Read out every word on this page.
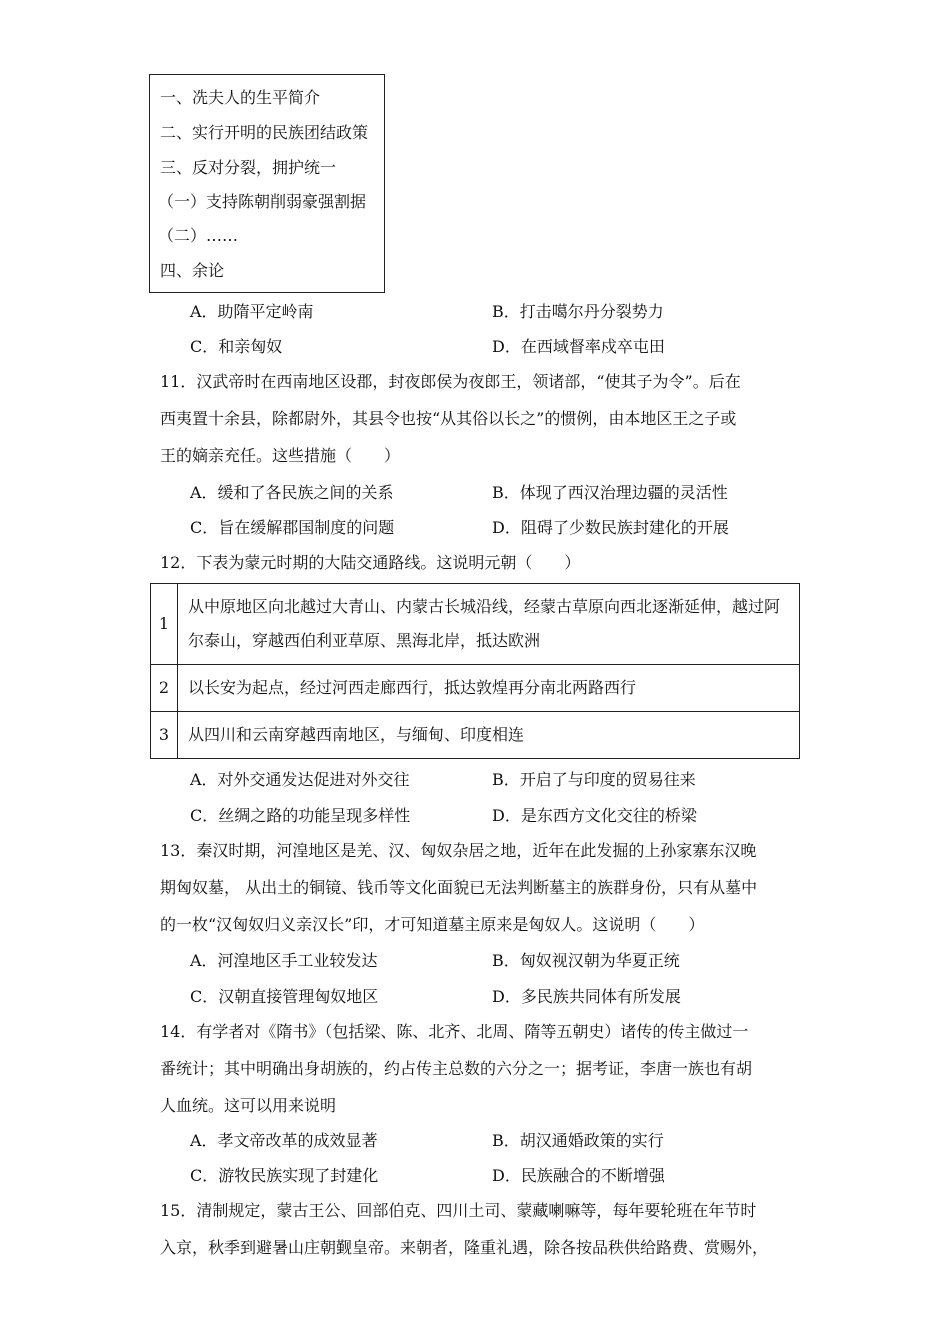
一、冼夫人的生平简介
二、实行开明的民族团结政策
三、反对分裂，拥护统一
（一）支持陈朝削弱豪强割据
（二）……
四、余论
A．助隋平定岭南	B．打击噶尔丹分裂势力
C．和亲匈奴	D．在西域督率戍卒屯田
11．汉武帝时在西南地区设郡，封夜郎侯为夜郎王，领诸部，“使其子为令”。后在
西夷置十余县，除都尉外，其县令也按“从其俗以长之”的惯例，由本地区王之子或
王的嫡亲充任。这些措施（　　）
A．缓和了各民族之间的关系	B．体现了西汉治理边疆的灵活性
C．旨在缓解郡国制度的问题	D．阻碍了少数民族封建化的开展
12．下表为蒙元时期的大陆交通路线。这说明元朝（　　）
1	从中原地区向北越过大青山、内蒙古长城沿线，经蒙古草原向西北逐渐延伸，越过阿尔泰山，穿越西伯利亚草原、黑海北岸，抵达欧洲
2	以长安为起点，经过河西走廊西行，抵达敦煌再分南北两路西行
3	从四川和云南穿越西南地区，与缅甸、印度相连
A．对外交通发达促进对外交往	B．开启了与印度的贸易往来
C．丝绸之路的功能呈现多样性	D．是东西方文化交往的桥梁
13．秦汉时期，河湟地区是羌、汉、匈奴杂居之地，近年在此发掘的上孙家寨东汉晚
期匈奴墓， 从出土的铜镜、钱币等文化面貌已无法判断墓主的族群身份，只有从墓中
的一枚“汉匈奴归义亲汉长”印，才可知道墓主原来是匈奴人。这说明（　　）
A．河湟地区手工业较发达	B．匈奴视汉朝为华夏正统
C．汉朝直接管理匈奴地区	D．多民族共同体有所发展
14．有学者对《隋书》（包括梁、陈、北齐、北周、隋等五朝史）诸传的传主做过一
番统计；其中明确出身胡族的，约占传主总数的六分之一；据考证，李唐一族也有胡
人血统。这可以用来说明
A．孝文帝改革的成效显著	B．胡汉通婚政策的实行
C．游牧民族实现了封建化	D．民族融合的不断增强
15．清制规定，蒙古王公、回部伯克、四川土司、蒙藏喇嘛等，每年要轮班在年节时
入京，秋季到避暑山庄朝觐皇帝。来朝者，隆重礼遇，除各按品秩供给路费、赏赐外，
